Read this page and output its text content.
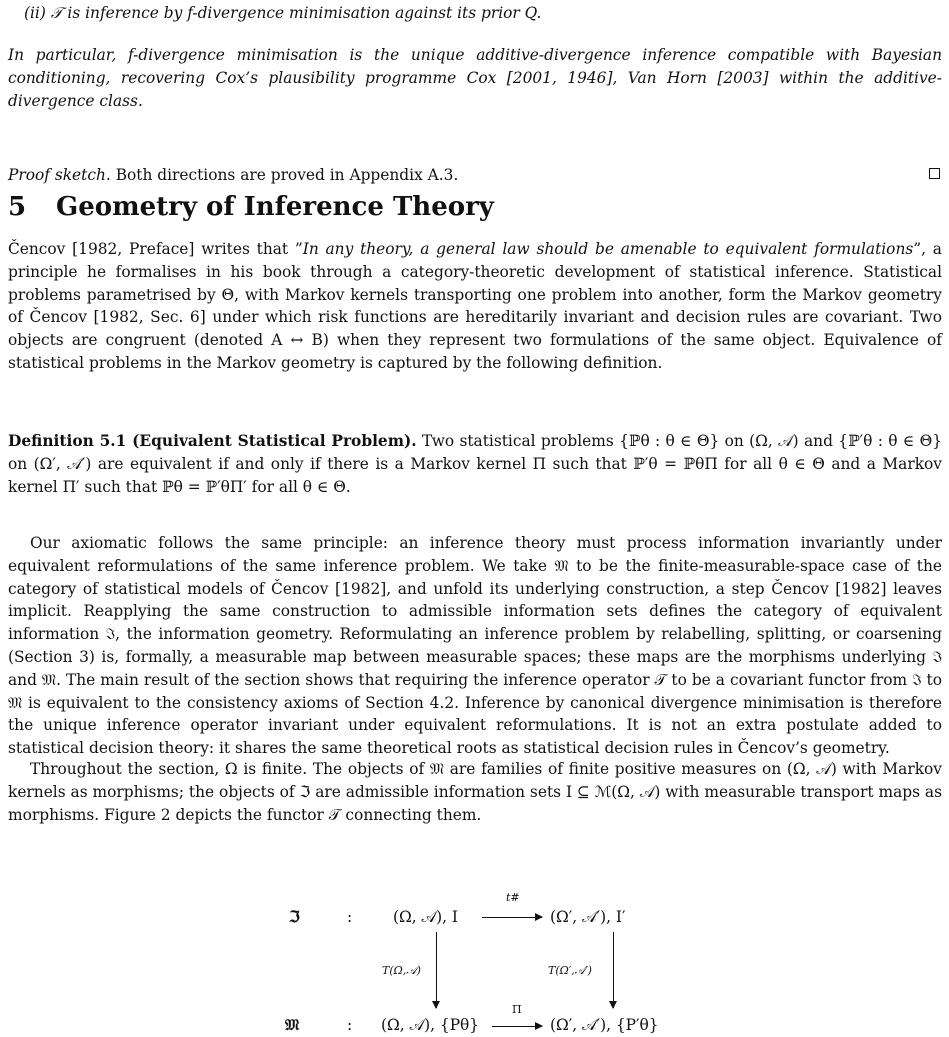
(ii) 𝒯 is inference by f-divergence minimisation against its prior Q.
In particular, f-divergence minimisation is the unique additive-divergence inference compatible with Bayesian conditioning, recovering Cox’s plausibility programme Cox [2001, 1946], Van Horn [2003] within the additive-divergence class.
Proof sketch. Both directions are proved in Appendix A.3.
5 Geometry of Inference Theory
Čencov [1982, Preface] writes that ”In any theory, a general law should be amenable to equivalent formulations”, a principle he formalises in his book through a category-theoretic development of statistical inference. Statistical problems parametrised by Θ, with Markov kernels transporting one problem into another, form the Markov geometry of Čencov [1982, Sec. 6] under which risk functions are hereditarily invariant and decision rules are covariant. Two objects are congruent (denoted A ↔ B) when they represent two formulations of the same object. Equivalence of statistical problems in the Markov geometry is captured by the following definition.
Definition 5.1 (Equivalent Statistical Problem). Two statistical problems {ℙθ : θ ∈ Θ} on (Ω, 𝒜) and {ℙ′θ : θ ∈ Θ} on (Ω′, 𝒜′) are equivalent if and only if there is a Markov kernel Π such that ℙ′θ = ℙθΠ for all θ ∈ Θ and a Markov kernel Π′ such that ℙθ = ℙ′θΠ′ for all θ ∈ Θ.
Our axiomatic follows the same principle: an inference theory must process information invariantly under equivalent reformulations of the same inference problem. We take 𝔐 to be the finite-measurable-space case of the category of statistical models of Čencov [1982], and unfold its underlying construction, a step Čencov [1982] leaves implicit. Reapplying the same construction to admissible information sets defines the category of equivalent information ℑ, the information geometry. Reformulating an inference problem by relabelling, splitting, or coarsening (Section 3) is, formally, a measurable map between measurable spaces; these maps are the morphisms underlying ℑ and 𝔐. The main result of the section shows that requiring the inference operator 𝒯 to be a covariant functor from ℑ to 𝔐 is equivalent to the consistency axioms of Section 4.2. Inference by canonical divergence minimisation is therefore the unique inference operator invariant under equivalent reformulations. It is not an extra postulate added to statistical decision theory: it shares the same theoretical roots as statistical decision rules in Čencov’s geometry.
Throughout the section, Ω is finite. The objects of 𝔐 are families of finite positive measures on (Ω, 𝒜) with Markov kernels as morphisms; the objects of ℑ are admissible information sets I ⊆ ℳ(Ω, 𝒜) with measurable transport maps as morphisms. Figure 2 depicts the functor 𝒯 connecting them.
ℑ	:	(Ω, 𝒜), I
t#
(Ω′, 𝒜′), I′
T(Ω,𝒜)	T(Ω′,𝒜′)
𝔐	: (Ω, 𝒜), {Pθ}
Π
(Ω′, 𝒜′), {P′θ}
